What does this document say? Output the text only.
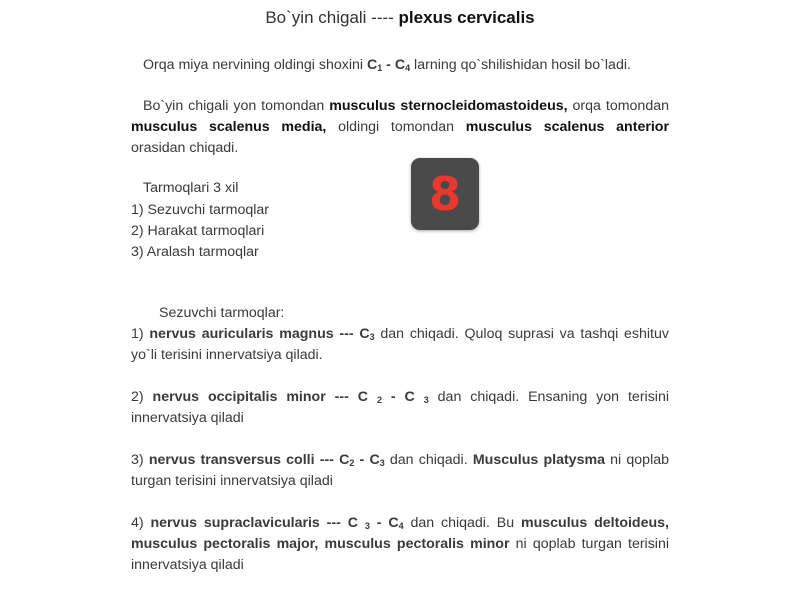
Bo`yin chigali ---- plexus cervicalis
Orqa miya nervining oldingi shoxini $C_1 - C_4$ larning qo`shilishidan hosil bo`ladi.
Bo`yin chigali yon tomondan musculus sternocleidomastoideus, orqa tomondan musculus scalenus media, oldingi tomondan musculus scalenus anterior orasidan chiqadi.
Tarmoqlari 3 xil
1) Sezuvchi tarmoqlar
2) Harakat tarmoqlari
3) Aralash tarmoqlar
8
Sezuvchi tarmoqlar:
1) nervus auricularis magnus --- $C_3$ dan chiqadi. Quloq suprasi va tashqi eshituv
yo`li terisini innervatsiya qiladi.
2) nervus occipitalis minor --- C $_2$ - C $_3$ dan chiqadi. Ensaning yon terisini
innervatsiya qiladi
3) nervus transversus colli --- $C_2 - C_3$ dan chiqadi. Musculus platysma ni qoplab
turgan terisini innervatsiya qiladi
4) nervus supraclavicularis --- C $_3 - C_4$ dan chiqadi. Bu musculus deltoideus,
musculus pectoralis major, musculus pectoralis minor ni qoplab turgan terisini
innervatsiya qiladi
